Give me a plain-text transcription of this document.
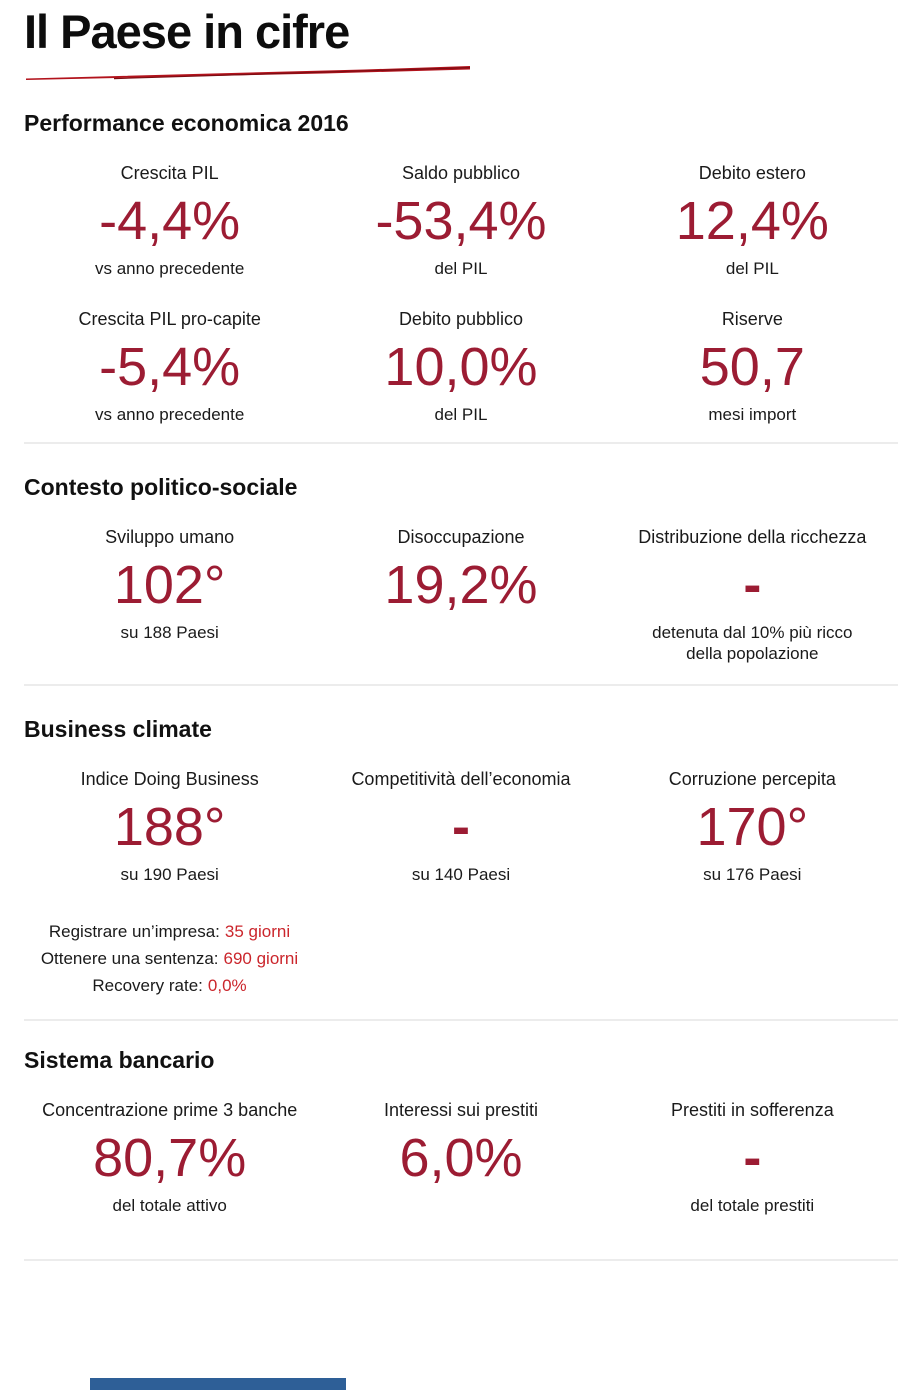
Il Paese in cifre
Performance economica 2016
Crescita PIL
-4,4%
vs anno precedente
Saldo pubblico
-53,4%
del PIL
Debito estero
12,4%
del PIL
Crescita PIL pro-capite
-5,4%
vs anno precedente
Debito pubblico
10,0%
del PIL
Riserve
50,7
mesi import
Contesto politico-sociale
Sviluppo umano
102°
su 188 Paesi
Disoccupazione
19,2%
Distribuzione della ricchezza
-
detenuta dal 10% più ricco della popolazione
Business climate
Indice Doing Business
188°
su 190 Paesi
Competitività dell’economia
-
su 140 Paesi
Corruzione percepita
170°
su 176 Paesi
Registrare un’impresa: 35 giorni
Ottenere una sentenza: 690 giorni
Recovery rate: 0,0%
Sistema bancario
Concentrazione prime 3 banche
80,7%
del totale attivo
Interessi sui prestiti
6,0%
Prestiti in sofferenza
-
del totale prestiti
